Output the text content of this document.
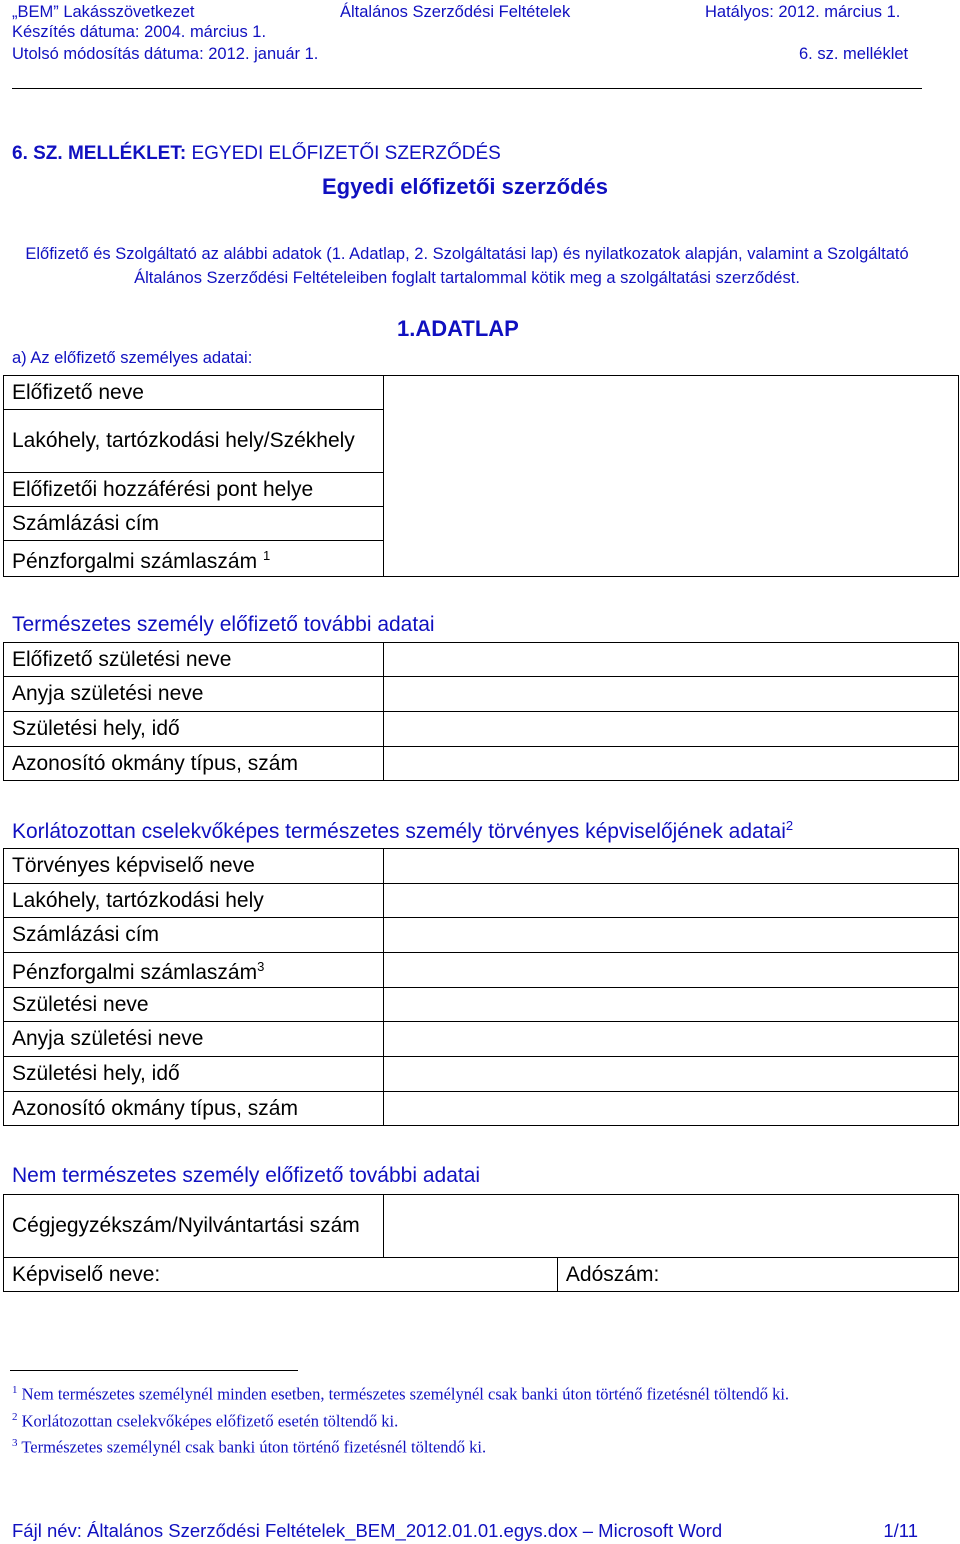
„BEM” Lakásszövetkezet	Általános Szerződési Feltételek	Hatályos: 2012. március 1.
Készítés dátuma: 2004. március 1.
Utolsó módosítás dátuma: 2012. január 1.	6. sz. melléklet
6. SZ. MELLÉKLET: EGYEDI ELŐFIZETŐI SZERZŐDÉS
Egyedi előfizetői szerződés
Előfizető és Szolgáltató az alábbi adatok (1. Adatlap, 2. Szolgáltatási lap) és nyilatkozatok alapján, valamint a Szolgáltató Általános Szerződési Feltételeiben foglalt tartalommal kötik meg a szolgáltatási szerződést.
1.ADATLAP
a) Az előfizető személyes adatai:
Előfizető neve	
Lakóhely, tartózkodási hely/Székhely
Előfizetői hozzáférési pont helye
Számlázási cím
Pénzforgalmi számlaszám $^1$
Természetes személy előfizető további adatai
Előfizető születési neve	
Anyja születési neve	
Születési hely, idő	
Azonosító okmány típus, szám	
Korlátozottan cselekvőképes természetes személy törvényes képviselőjének adatai$^2$
Törvényes képviselő neve	
Lakóhely, tartózkodási hely	
Számlázási cím	
Pénzforgalmi számlaszám$^3$	
Születési neve	
Anyja születési neve	
Születési hely, idő	
Azonosító okmány típus, szám	
Nem természetes személy előfizető további adatai
Cégjegyzékszám/Nyilvántartási szám		
Képviselő neve:		Adószám:
$^1$ Nem természetes személynél minden esetben, természetes személynél csak banki úton történő fizetésnél töltendő ki.
$^2$ Korlátozottan cselekvőképes előfizető esetén töltendő ki.
$^3$ Természetes személynél csak banki úton történő fizetésnél töltendő ki.
Fájl név: Általános Szerződési Feltételek_BEM_2012.01.01.egys.dox – Microsoft Word	1/11
